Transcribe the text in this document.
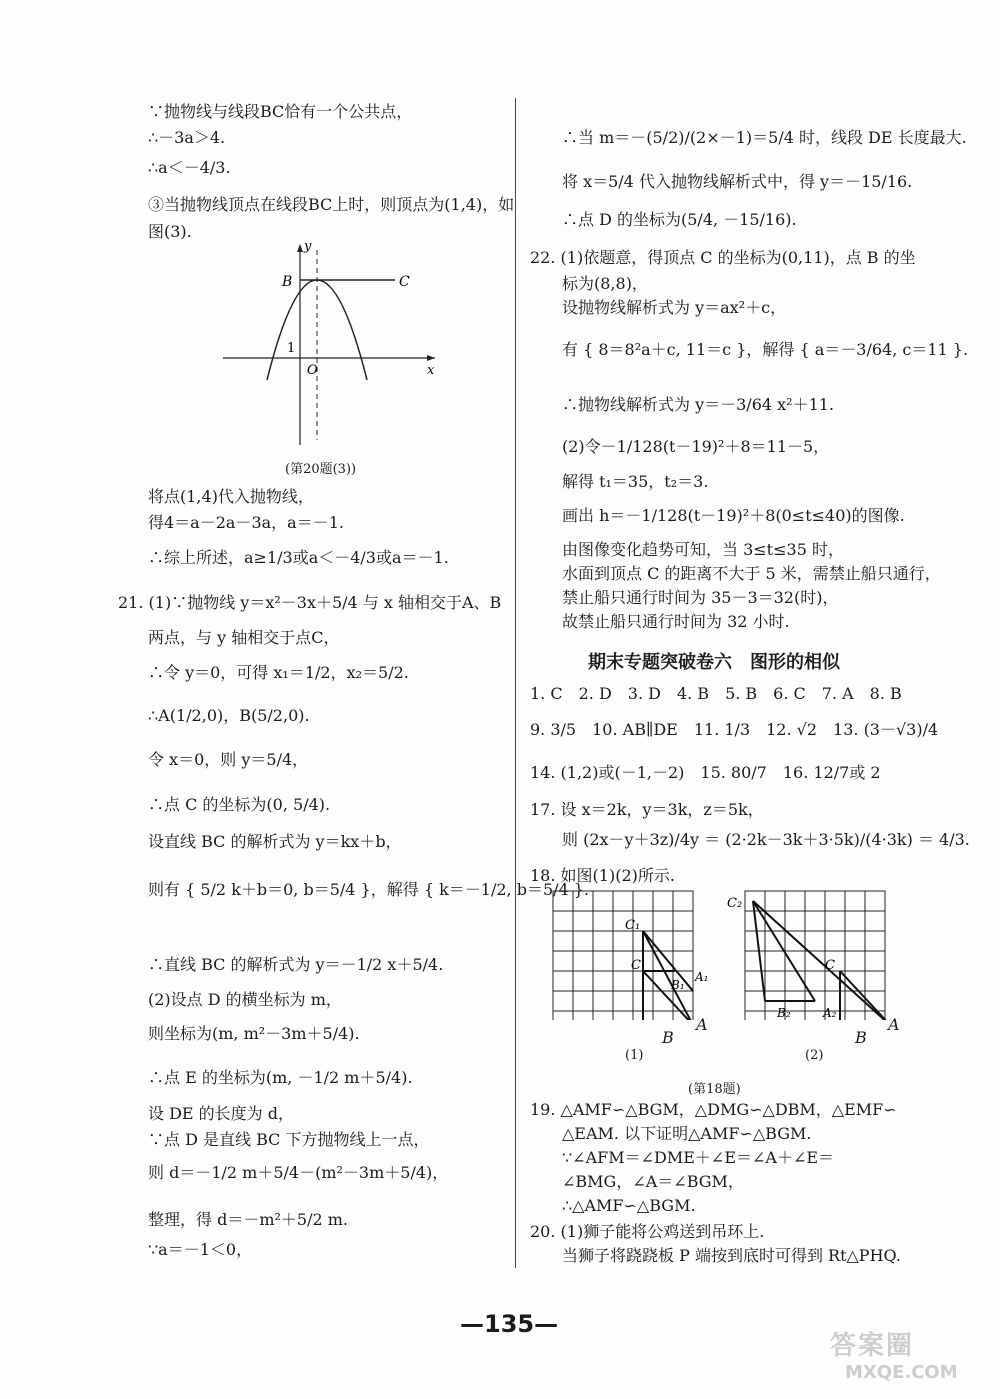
∵抛物线与线段BC恰有一个公共点，
∴－3a＞4.
∴a＜－4/3.
③当抛物线顶点在线段BC上时，则顶点为(1,4)，如
图(3).
y
B	C
1
O	x
(第20题(3))
将点(1,4)代入抛物线，
得4＝a－2a－3a，a＝－1.
∴综上所述，a≥1/3或a＜－4/3或a＝－1.
21. (1)∵抛物线 y＝x²－3x＋5/4 与 x 轴相交于A、B
两点，与 y 轴相交于点C，
∴令 y＝0，可得 x₁＝1/2，x₂＝5/2.
∴A(1/2,0)，B(5/2,0).
令 x＝0，则 y＝5/4，
∴点 C 的坐标为(0, 5/4).
设直线 BC 的解析式为 y＝kx＋b，
则有 { 5/2 k＋b＝0, b＝5/4 }，解得 { k＝－1/2, b＝5/4 }.
∴直线 BC 的解析式为 y＝－1/2 x＋5/4.
(2)设点 D 的横坐标为 m，
则坐标为(m, m²－3m＋5/4).
∴点 E 的坐标为(m, －1/2 m＋5/4).
设 DE 的长度为 d，
∵点 D 是直线 BC 下方抛物线上一点，
则 d＝－1/2 m＋5/4－(m²－3m＋5/4)，
整理，得 d＝－m²＋5/2 m.
∵a＝－1＜0，
∴当 m＝－(5/2)/(2×－1)＝5/4 时，线段 DE 长度最大.
将 x＝5/4 代入抛物线解析式中，得 y＝－15/16.
∴点 D 的坐标为(5/4, －15/16).
22. (1)依题意，得顶点 C 的坐标为(0,11)，点 B 的坐
标为(8,8)，
设抛物线解析式为 y＝ax²＋c，
有 { 8＝8²a＋c, 11＝c }，解得 { a＝－3/64, c＝11 }.
∴抛物线解析式为 y＝－3/64 x²＋11.
(2)令－1/128(t－19)²＋8＝11－5，
解得 t₁＝35，t₂＝3.
画出 h＝－1/128(t－19)²＋8(0≤t≤40)的图像.
由图像变化趋势可知，当 3≤t≤35 时，
水面到顶点 C 的距离不大于 5 米，需禁止船只通行，
禁止船只通行时间为 35－3＝32(时)，
故禁止船只通行时间为 32 小时.
期末专题突破卷六　图形的相似
1. C　2. D　3. D　4. B　5. B　6. C　7. A　8. B
9. 3/5　10. AB∥DE　11. 1/3　12. √2　13. (3－√3)/4
14. (1,2)或(－1,－2)　15. 80/7　16. 12/7或 2
17. 设 x＝2k，y＝3k，z＝5k，
则 (2x－y＋3z)/4y ＝ (2·2k－3k＋3·5k)/(4·3k) ＝ 4/3.
18. 如图(1)(2)所示.
C₁
C
B₁
A₁
A
B
C₂
C
B₂	A₂
A
B
(1)	(2)
(第18题)
19. △AMF∽△BGM，△DMG∽△DBM，△EMF∽
△EAM. 以下证明△AMF∽△BGM.
∵∠AFM＝∠DME＋∠E＝∠A＋∠E＝
∠BMG，∠A＝∠BGM，
∴△AMF∽△BGM.
20. (1)狮子能将公鸡送到吊环上.
当狮子将跷跷板 P 端按到底时可得到 Rt△PHQ.
—135—
答案圈
MXQE.COM
